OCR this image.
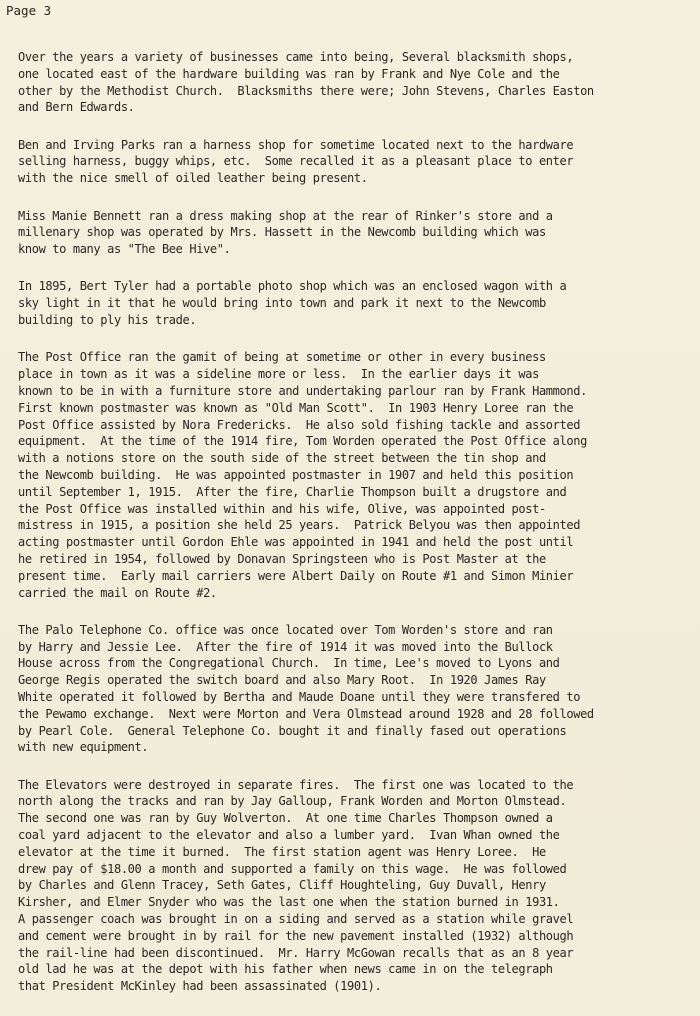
Page 3
Over the years a variety of businesses came into being, Several blacksmith shops,
one located east of the hardware building was ran by Frank and Nye Cole and the
other by the Methodist Church.  Blacksmiths there were; John Stevens, Charles Easton
and Bern Edwards.
Ben and Irving Parks ran a harness shop for sometime located next to the hardware
selling harness, buggy whips, etc.  Some recalled it as a pleasant place to enter
with the nice smell of oiled leather being present.
Miss Manie Bennett ran a dress making shop at the rear of Rinker's store and a
millenary shop was operated by Mrs. Hassett in the Newcomb building which was
know to many as "The Bee Hive".
In 1895, Bert Tyler had a portable photo shop which was an enclosed wagon with a
sky light in it that he would bring into town and park it next to the Newcomb
building to ply his trade.
The Post Office ran the gamit of being at sometime or other in every business
place in town as it was a sideline more or less.  In the earlier days it was
known to be in with a furniture store and undertaking parlour ran by Frank Hammond.
First known postmaster was known as "Old Man Scott".  In 1903 Henry Loree ran the
Post Office assisted by Nora Fredericks.  He also sold fishing tackle and assorted
equipment.  At the time of the 1914 fire, Tom Worden operated the Post Office along
with a notions store on the south side of the street between the tin shop and
the Newcomb building.  He was appointed postmaster in 1907 and held this position
until September 1, 1915.  After the fire, Charlie Thompson built a drugstore and
the Post Office was installed within and his wife, Olive, was appointed post-
mistress in 1915, a position she held 25 years.  Patrick Belyou was then appointed
acting postmaster until Gordon Ehle was appointed in 1941 and held the post until
he retired in 1954, followed by Donavan Springsteen who is Post Master at the
present time.  Early mail carriers were Albert Daily on Route #1 and Simon Minier
carried the mail on Route #2.
The Palo Telephone Co. office was once located over Tom Worden's store and ran
by Harry and Jessie Lee.  After the fire of 1914 it was moved into the Bullock
House across from the Congregational Church.  In time, Lee's moved to Lyons and
George Regis operated the switch board and also Mary Root.  In 1920 James Ray
White operated it followed by Bertha and Maude Doane until they were transfered to
the Pewamo exchange.  Next were Morton and Vera Olmstead around 1928 and 28 followed
by Pearl Cole.  General Telephone Co. bought it and finally fased out operations
with new equipment.
The Elevators were destroyed in separate fires.  The first one was located to the
north along the tracks and ran by Jay Galloup, Frank Worden and Morton Olmstead.
The second one was ran by Guy Wolverton.  At one time Charles Thompson owned a
coal yard adjacent to the elevator and also a lumber yard.  Ivan Whan owned the
elevator at the time it burned.  The first station agent was Henry Loree.  He
drew pay of $18.00 a month and supported a family on this wage.  He was followed
by Charles and Glenn Tracey, Seth Gates, Cliff Houghteling, Guy Duvall, Henry
Kirsher, and Elmer Snyder who was the last one when the station burned in 1931.
A passenger coach was brought in on a siding and served as a station while gravel
and cement were brought in by rail for the new pavement installed (1932) although
the rail-line had been discontinued.  Mr. Harry McGowan recalls that as an 8 year
old lad he was at the depot with his father when news came in on the telegraph
that President McKinley had been assassinated (1901).
